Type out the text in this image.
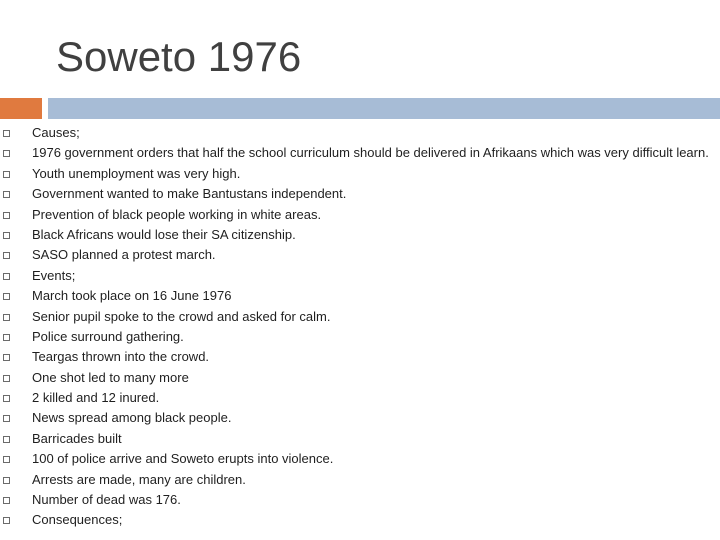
Soweto 1976
Causes;
1976 government orders that half the school curriculum should be delivered in Afrikaans which was very difficult learn.
Youth unemployment was very high.
Government wanted to make Bantustans independent.
Prevention of black people working in white areas.
Black Africans would lose their SA citizenship.
SASO planned a protest march.
Events;
March took place on 16 June 1976
Senior pupil spoke to the crowd and asked for calm.
Police surround gathering.
Teargas thrown into the crowd.
One shot led to many more
2 killed and 12 inured.
News spread among black people.
Barricades built
100 of police arrive and Soweto erupts into violence.
Arrests are made, many are children.
Number of dead was 176.
Consequences;
